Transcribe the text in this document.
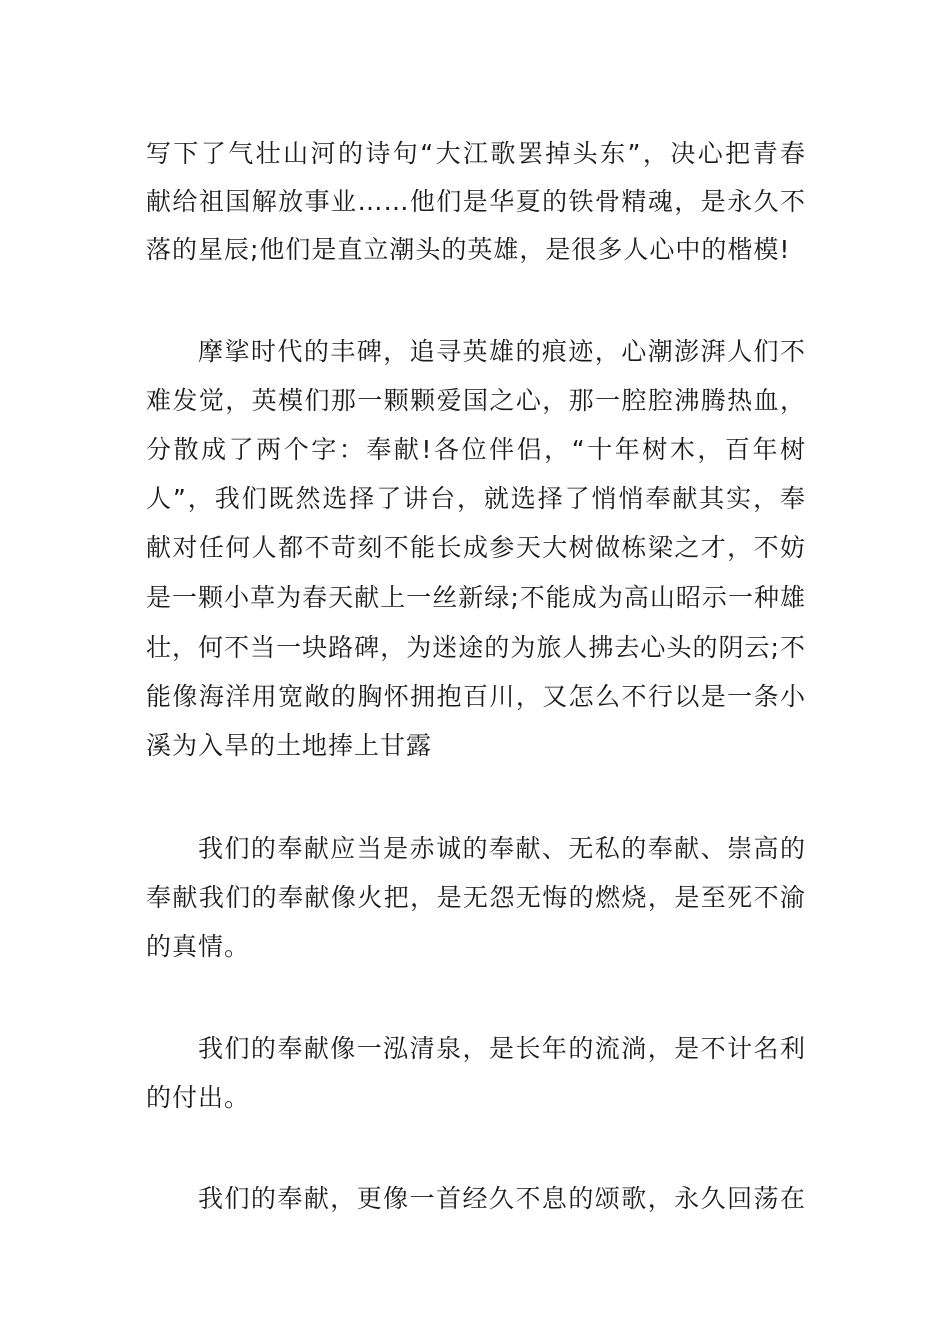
写下了气壮山河的诗句“大江歌罢掉头东”，决心把青春
献给祖国解放事业……他们是华夏的铁骨精魂，是永久不
落的星辰;他们是直立潮头的英雄，是很多人心中的楷模!
摩挲时代的丰碑，追寻英雄的痕迹，心潮澎湃人们不
难发觉，英模们那一颗颗爱国之心，那一腔腔沸腾热血，
分散成了两个字：奉献!各位伴侣，“十年树木，百年树
人”，我们既然选择了讲台，就选择了悄悄奉献其实，奉
献对任何人都不苛刻不能长成参天大树做栋梁之才，不妨
是一颗小草为春天献上一丝新绿;不能成为高山昭示一种雄
壮，何不当一块路碑，为迷途的为旅人拂去心头的阴云;不
能像海洋用宽敞的胸怀拥抱百川，又怎么不行以是一条小
溪为入旱的土地捧上甘露
我们的奉献应当是赤诚的奉献、无私的奉献、崇高的
奉献我们的奉献像火把，是无怨无悔的燃烧，是至死不渝
的真情。
我们的奉献像一泓清泉，是长年的流淌，是不计名利
的付出。
我们的奉献，更像一首经久不息的颂歌，永久回荡在
